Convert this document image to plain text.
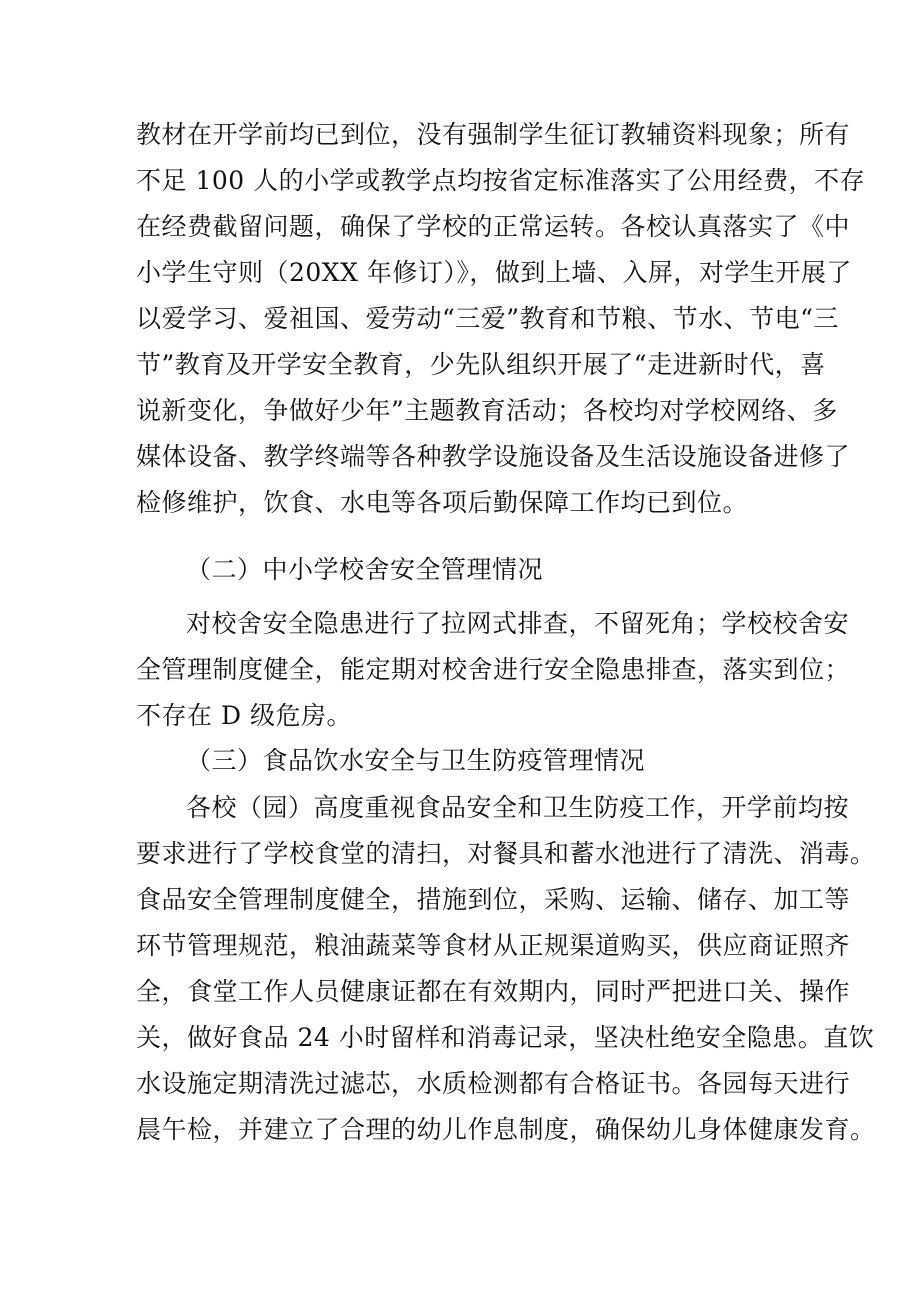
教材在开学前均已到位，没有强制学生征订教辅资料现象；所有
不足 100 人的小学或教学点均按省定标准落实了公用经费，不存
在经费截留问题，确保了学校的正常运转。各校认真落实了《中
小学生守则（20XX 年修订）》，做到上墙、入屏，对学生开展了
以爱学习、爱祖国、爱劳动“三爱”教育和节粮、节水、节电“三
节”教育及开学安全教育，少先队组织开展了“走进新时代，喜
说新变化，争做好少年”主题教育活动；各校均对学校网络、多
媒体设备、教学终端等各种教学设施设备及生活设施设备进修了
检修维护，饮食、水电等各项后勤保障工作均已到位。
（二）中小学校舍安全管理情况
对校舍安全隐患进行了拉网式排查，不留死角；学校校舍安
全管理制度健全，能定期对校舍进行安全隐患排查，落实到位；
不存在 D 级危房。
（三）食品饮水安全与卫生防疫管理情况
各校（园）高度重视食品安全和卫生防疫工作，开学前均按
要求进行了学校食堂的清扫，对餐具和蓄水池进行了清洗、消毒。
食品安全管理制度健全，措施到位，采购、运输、储存、加工等
环节管理规范，粮油蔬菜等食材从正规渠道购买，供应商证照齐
全，食堂工作人员健康证都在有效期内，同时严把进口关、操作
关，做好食品 24 小时留样和消毒记录，坚决杜绝安全隐患。直饮
水设施定期清洗过滤芯，水质检测都有合格证书。各园每天进行
晨午检，并建立了合理的幼儿作息制度，确保幼儿身体健康发育。
